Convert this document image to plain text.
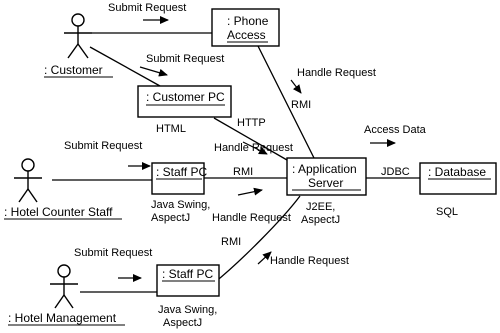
: Customer
: Hotel Counter Staff
: Hotel Management
: Phone
Access
: Customer PC
: Staff PC	: Application
Server
: Database
: Staff PC
Submit Request
Submit Request
Handle Request
Handle Request
Submit Request
Access Data
Handle Request
Submit Request
Handle Request
RMI
HTTP
RMI	JDBC
RMI
HTML
Java Swing,
AspectJ
J2EE,
AspectJ
SQL
Java Swing,
AspectJ
